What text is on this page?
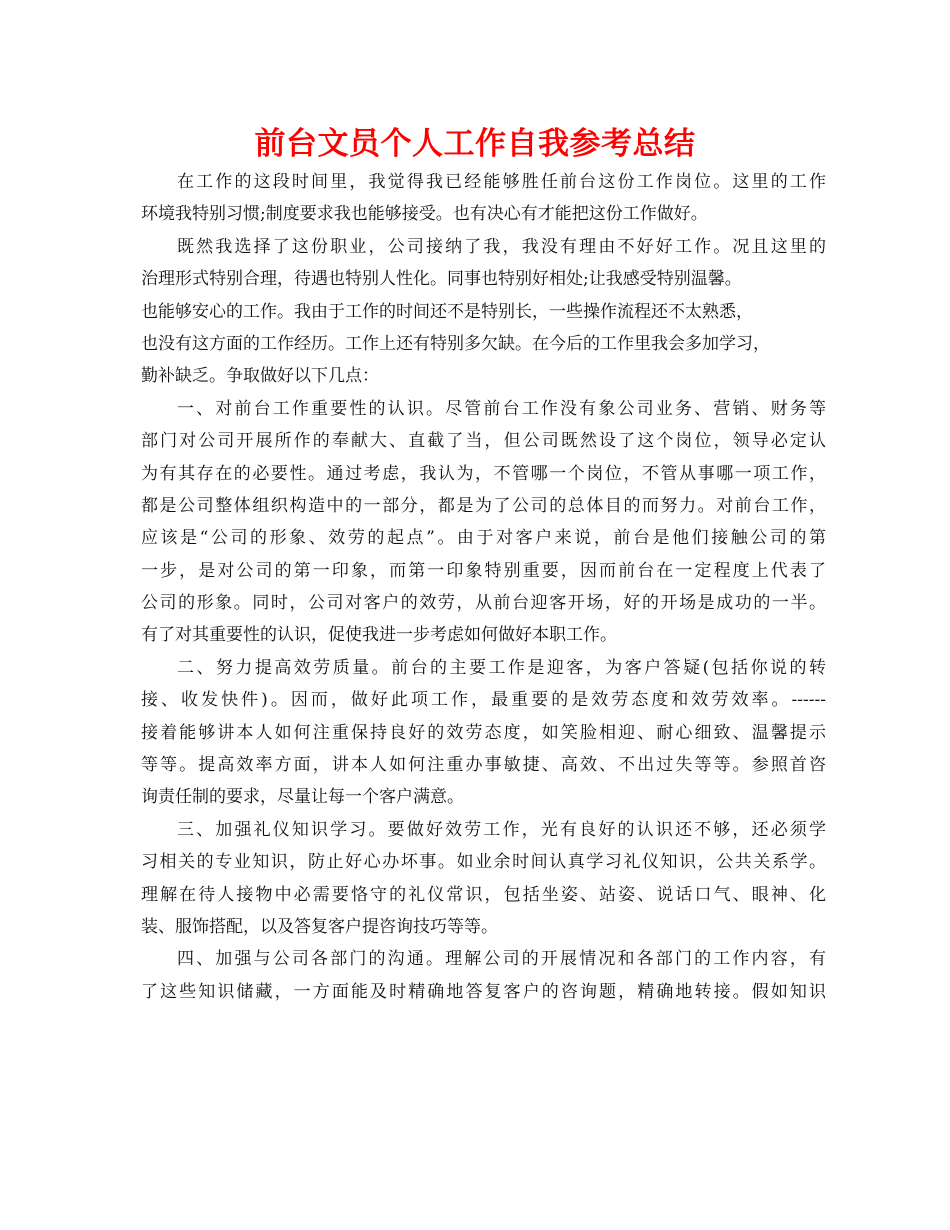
前台文员个人工作自我参考总结
在工作的这段时间里，我觉得我已经能够胜任前台这份工作岗位。这里的工作
环境我特别习惯;制度要求我也能够接受。也有决心有才能把这份工作做好。
既然我选择了这份职业，公司接纳了我，我没有理由不好好工作。况且这里的
治理形式特别合理，待遇也特别人性化。同事也特别好相处;让我感受特别温馨。
也能够安心的工作。我由于工作的时间还不是特别长，一些操作流程还不太熟悉，
也没有这方面的工作经历。工作上还有特别多欠缺。在今后的工作里我会多加学习，
勤补缺乏。争取做好以下几点：
一、对前台工作重要性的认识。尽管前台工作没有象公司业务、营销、财务等
部门对公司开展所作的奉献大、直截了当，但公司既然设了这个岗位，领导必定认
为有其存在的必要性。通过考虑，我认为，不管哪一个岗位，不管从事哪一项工作，
都是公司整体组织构造中的一部分，都是为了公司的总体目的而努力。对前台工作，
应该是“公司的形象、效劳的起点”。由于对客户来说，前台是他们接触公司的第
一步，是对公司的第一印象，而第一印象特别重要，因而前台在一定程度上代表了
公司的形象。同时，公司对客户的效劳，从前台迎客开场，好的开场是成功的一半。
有了对其重要性的认识，促使我进一步考虑如何做好本职工作。
二、努力提高效劳质量。前台的主要工作是迎客，为客户答疑(包括你说的转
接、收发快件)。因而，做好此项工作，最重要的是效劳态度和效劳效率。------
接着能够讲本人如何注重保持良好的效劳态度，如笑脸相迎、耐心细致、温馨提示
等等。提高效率方面，讲本人如何注重办事敏捷、高效、不出过失等等。参照首咨
询责任制的要求，尽量让每一个客户满意。
三、加强礼仪知识学习。要做好效劳工作，光有良好的认识还不够，还必须学
习相关的专业知识，防止好心办坏事。如业余时间认真学习礼仪知识，公共关系学。
理解在待人接物中必需要恪守的礼仪常识，包括坐姿、站姿、说话口气、眼神、化
装、服饰搭配，以及答复客户提咨询技巧等等。
四、加强与公司各部门的沟通。理解公司的开展情况和各部门的工作内容，有
了这些知识储藏，一方面能及时精确地答复客户的咨询题，精确地转接。假如知识
